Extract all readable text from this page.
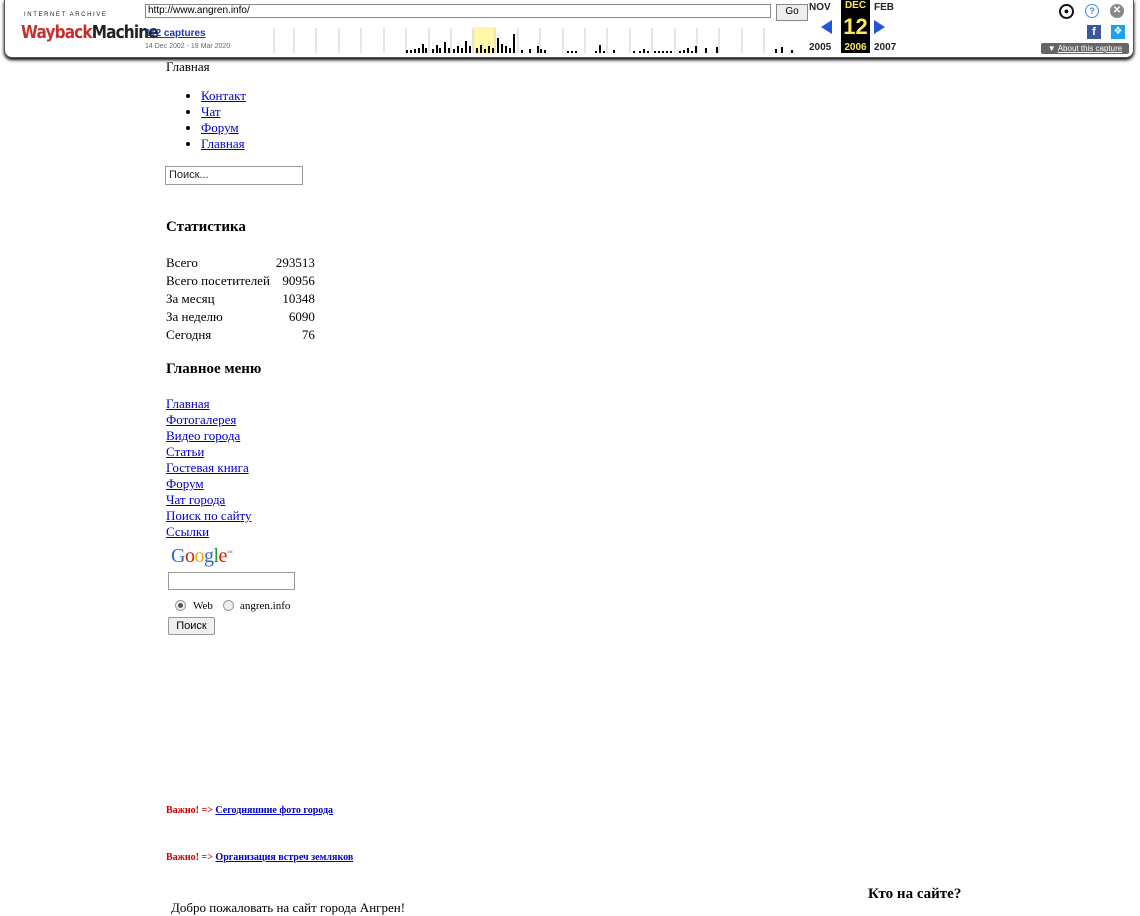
INTERNET ARCHIVE
WaybackMachine
http://www.angren.info/	Go
112 captures
14 Dec 2002 - 19 Mar 2020
NOV	DEC FEB
12
2005	2006 2007
●	?	✕
f	❖
▼ About this capture
Главная
• Контакт
• Чат
• Форум
• Главная
Поиск...
Статистика
Всего	293513
Всего посетителей	90956
За месяц	10348
За неделю	6090
Сегодня	76
Главное меню
Главная
Фотогалерея
Видео города
Статьи
Гостевая книга
Форум
Чат города
Поиск по сайту
Ссылки
Google™
Web angren.info
Поиск
Важно! => Сегодняшние фото города
Важно! => Организация встреч земляков
Добро пожаловать на сайт города Ангрен!
Кто на сайте?
